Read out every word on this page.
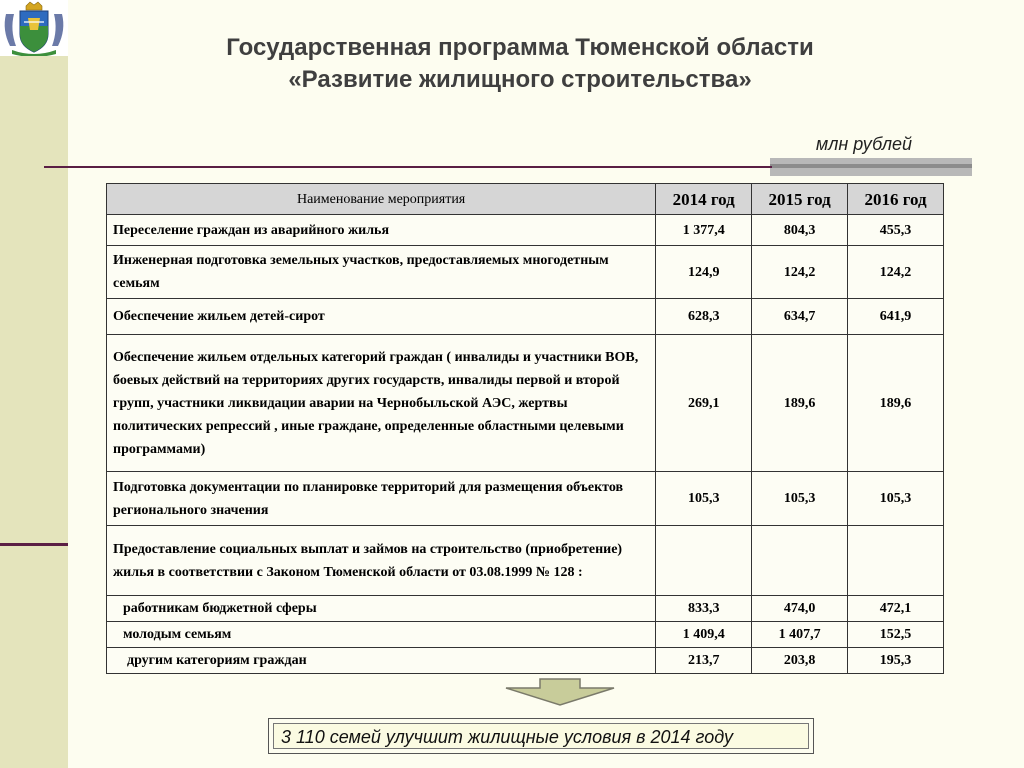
Государственная программа Тюменской области
«Развитие жилищного строительства»
млн рублей
Наименование мероприятия	2014 год	2015 год	2016 год
Переселение граждан из аварийного жилья	1 377,4	804,3	455,3
Инженерная подготовка земельных участков, предоставляемых многодетным семьям	124,9	124,2	124,2
Обеспечение жильем детей-сирот	628,3	634,7	641,9
Обеспечение жильем отдельных категорий граждан ( инвалиды и участники ВОВ, боевых действий на территориях других государств, инвалиды первой и второй групп, участники ликвидации аварии на Чернобыльской АЭС, жертвы политических репрессий , иные граждане, определенные областными целевыми программами)	269,1	189,6	189,6
Подготовка документации по планировке территорий для размещения объектов регионального значения	105,3	105,3	105,3
Предоставление социальных выплат и займов на строительство (приобретение) жилья в соответствии с Законом Тюменской области от 03.08.1999 № 128 :			
работникам бюджетной сферы	833,3	474,0	472,1
молодым семьям	1 409,4	1 407,7	152,5
другим категориям граждан	213,7	203,8	195,3
3 110 семей улучшит жилищные условия в 2014 году
